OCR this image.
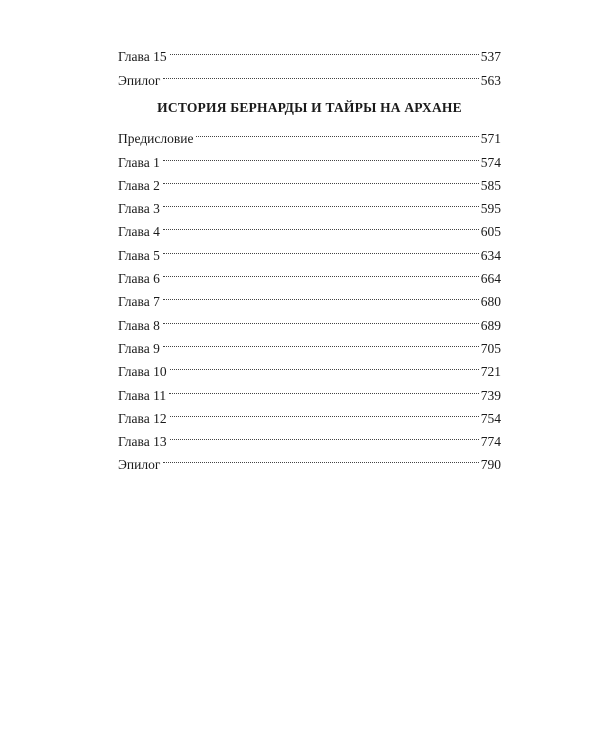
Глава 15	537
Эпилог	563
ИСТОРИЯ БЕРНАРДЫ И ТАЙРЫ НА АРХАНЕ
Предисловие	571
Глава 1	574
Глава 2	585
Глава 3	595
Глава 4	605
Глава 5	634
Глава 6	664
Глава 7	680
Глава 8	689
Глава 9	705
Глава 10	721
Глава 11	739
Глава 12	754
Глава 13	774
Эпилог	790
